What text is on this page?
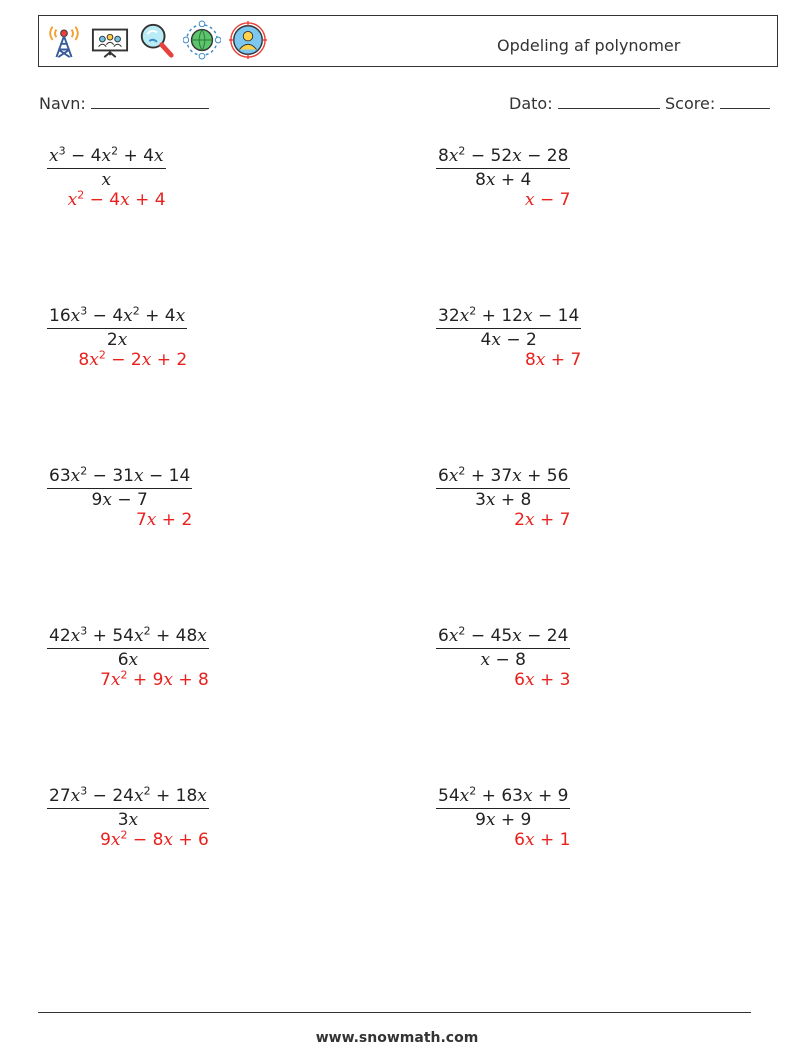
Opdeling af polynomer
Navn:	Dato:	Score:
$x^3 - 4x^2 + 4x$
x
$x^2 - 4x + 4$
$8x^2 - 52x - 28$
8x + 4
x − 7
$16x^3 - 4x^2 + 4x$
2x
$8x^2 - 2x + 2$
$32x^2 + 12x - 14$
4x − 2
8x + 7
$63x^2 - 31x - 14$
9x − 7
7x + 2
$6x^2 + 37x + 56$
3x + 8
2x + 7
$42x^3 + 54x^2 + 48x$
6x
$7x^2 + 9x + 8$
$6x^2 - 45x - 24$
x − 8
6x + 3
$27x^3 - 24x^2 + 18x$
3x
$9x^2 - 8x + 6$
$54x^2 + 63x + 9$
9x + 9
6x + 1
www.snowmath.com
